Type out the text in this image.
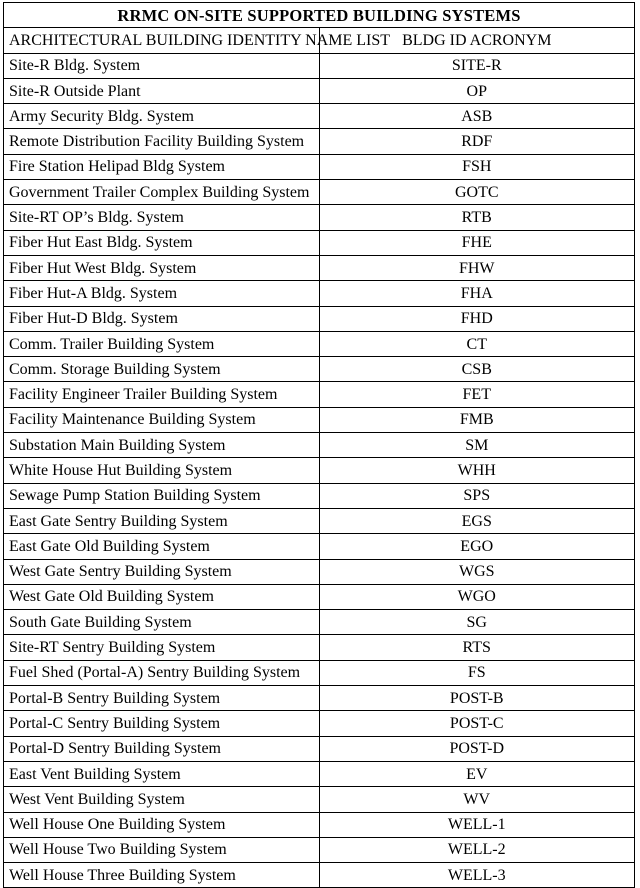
RRMC ON-SITE SUPPORTED BUILDING SYSTEMS	
ARCHITECTURAL BUILDING IDENTITY NAME LIST	BLDG ID ACRONYM
Site-R Bldg. System	SITE-R
Site-R Outside Plant	OP
Army Security Bldg. System	ASB
Remote Distribution Facility Building System	RDF
Fire Station Helipad Bldg System	FSH
Government Trailer Complex Building System	GOTC
Site-RT OP’s Bldg. System	RTB
Fiber Hut East Bldg. System	FHE
Fiber Hut West Bldg. System	FHW
Fiber Hut-A Bldg. System	FHA
Fiber Hut-D Bldg. System	FHD
Comm. Trailer Building System	CT
Comm. Storage Building System	CSB
Facility Engineer Trailer Building System	FET
Facility Maintenance Building System	FMB
Substation Main Building System	SM
White House Hut Building System	WHH
Sewage Pump Station Building System	SPS
East Gate Sentry Building System	EGS
East Gate Old Building System	EGO
West Gate Sentry Building System	WGS
West Gate Old Building System	WGO
South Gate Building System	SG
Site-RT Sentry Building System	RTS
Fuel Shed (Portal-A) Sentry Building System	FS
Portal-B Sentry Building System	POST-B
Portal-C Sentry Building System	POST-C
Portal-D Sentry Building System	POST-D
East Vent Building System	EV
West Vent Building System	WV
Well House One Building System	WELL-1
Well House Two Building System	WELL-2
Well House Three Building System	WELL-3
